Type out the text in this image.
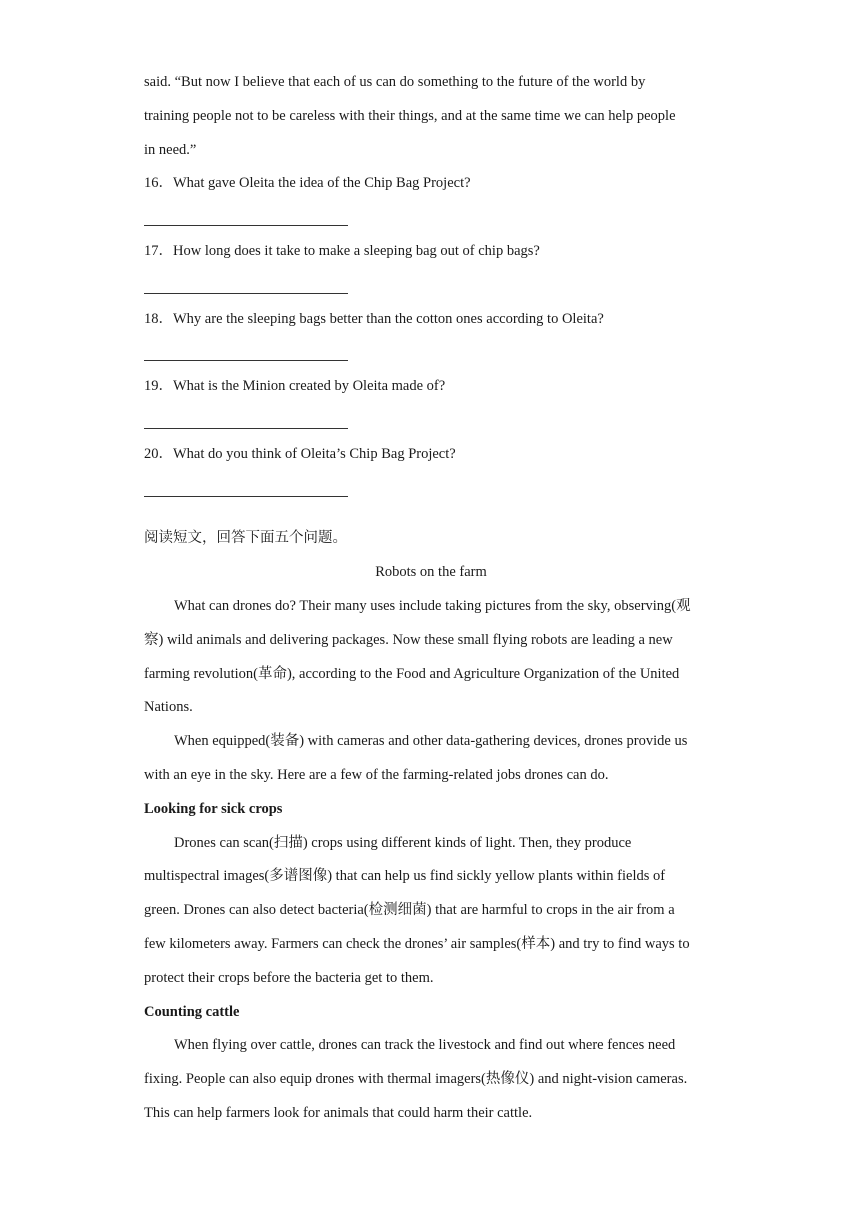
said. “But now I believe that each of us can do something to the future of the world by
training people not to be careless with their things, and at the same time we can help people
in need.”
16．What gave Oleita the idea of the Chip Bag Project?
17．How long does it take to make a sleeping bag out of chip bags?
18．Why are the sleeping bags better than the cotton ones according to Oleita?
19．What is the Minion created by Oleita made of?
20．What do you think of Oleita’s Chip Bag Project?
阅读短文，回答下面五个问题。
Robots on the farm
What can drones do? Their many uses include taking pictures from the sky, observing(观
察) wild animals and delivering packages. Now these small flying robots are leading a new
farming revolution(革命), according to the Food and Agriculture Organization of the United
Nations.
When equipped(装备) with cameras and other data-gathering devices, drones provide us
with an eye in the sky. Here are a few of the farming-related jobs drones can do.
Looking for sick crops
Drones can scan(扫描) crops using different kinds of light. Then, they produce
multispectral images(多谱图像) that can help us find sickly yellow plants within fields of
green. Drones can also detect bacteria(检测细菌) that are harmful to crops in the air from a
few kilometers away. Farmers can check the drones’ air samples(样本) and try to find ways to
protect their crops before the bacteria get to them.
Counting cattle
When flying over cattle, drones can track the livestock and find out where fences need
fixing. People can also equip drones with thermal imagers(热像仪) and night-vision cameras.
This can help farmers look for animals that could harm their cattle.
